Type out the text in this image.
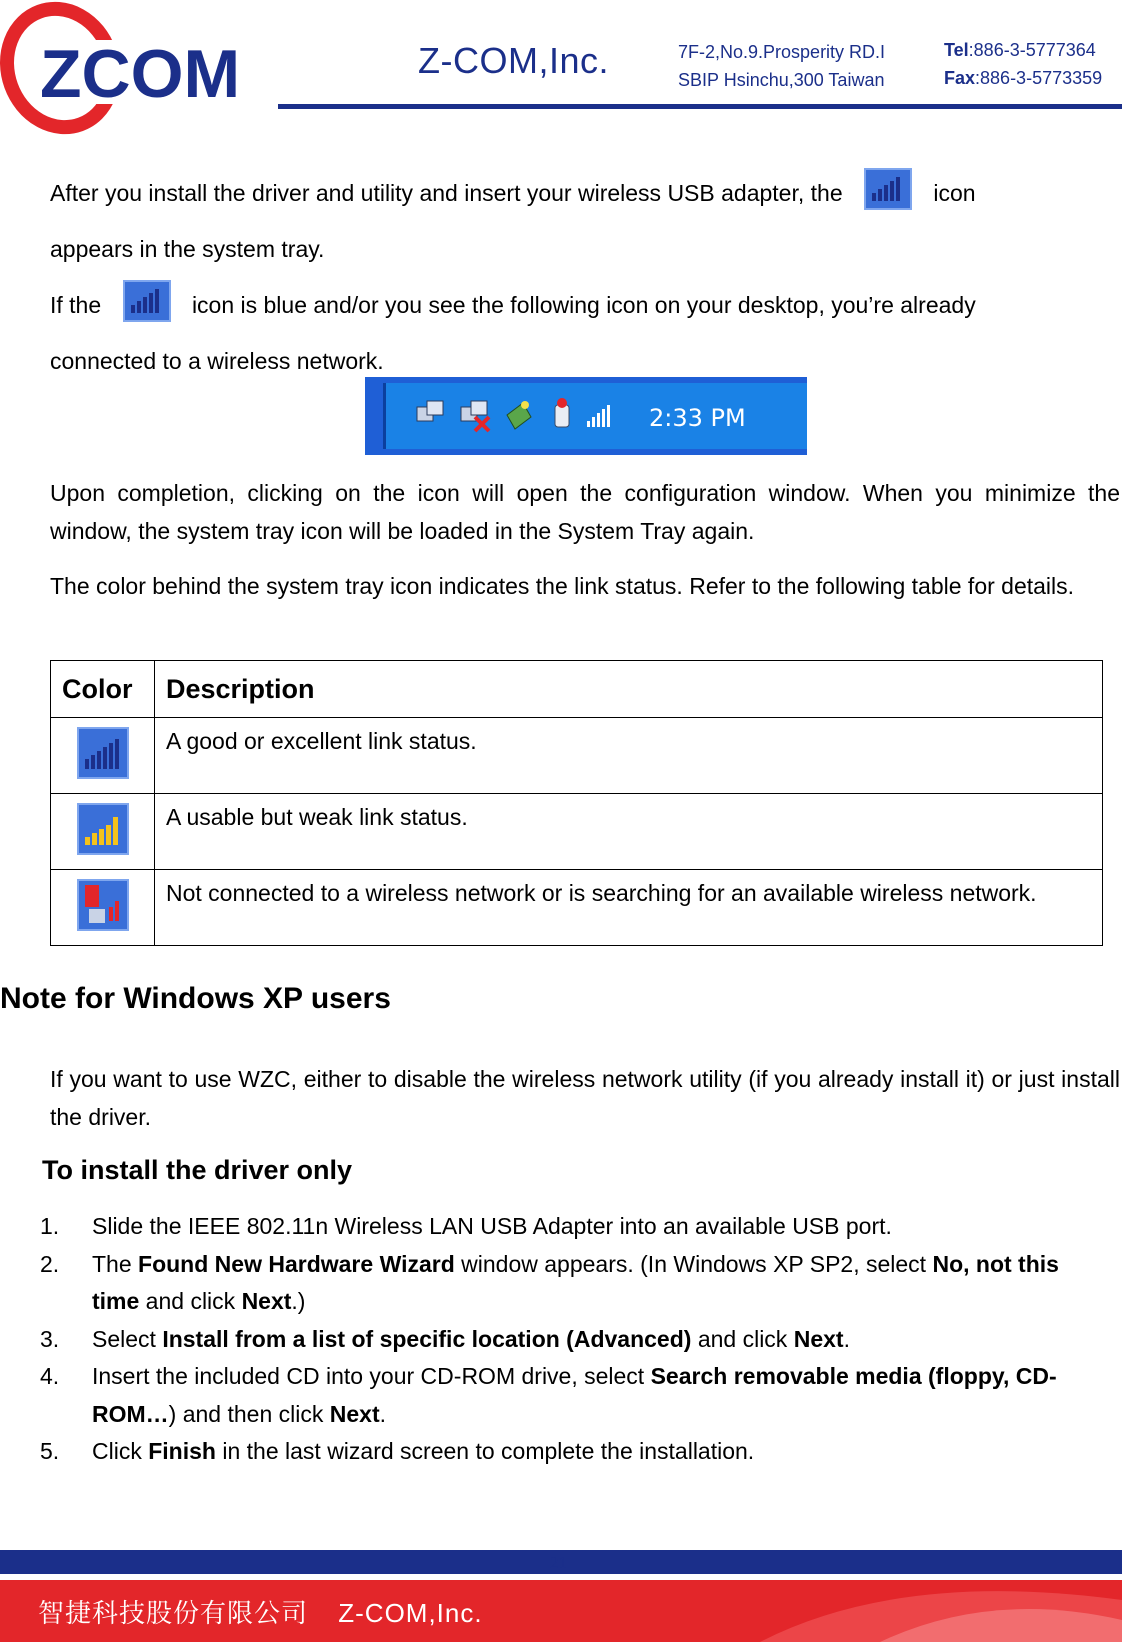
ZCOM	Z-COM,Inc.	7F-2,No.9.Prosperity RD.I
SBIP Hsinchu,300 Taiwan
Tel:886-3-5777364
Fax:886-3-5773359
After you install the driver and utility and insert your wireless USB adapter, the	icon
appears in the system tray.
If the	icon is blue and/or you see the following icon on your desktop, you’re already
connected to a wireless network.
2:33 PM
Upon completion, clicking on the icon will open the configuration window. When you minimize the window, the system tray icon will be loaded in the System Tray again.
The color behind the system tray icon indicates the link status. Refer to the following table for details.
Color	Description
	A good or excellent link status.
	A usable but weak link status.
	Not connected to a wireless network or is searching for an available wireless network.
Note for Windows XP users
If you want to use WZC, either to disable the wireless network utility (if you already install it) or just install the driver.
To install the driver only
1. Slide the IEEE 802.11n Wireless LAN USB Adapter into an available USB port.
2. The Found New Hardware Wizard window appears. (In Windows XP SP2, select No, not this time and click Next.)
3. Select Install from a list of specific location (Advanced) and click Next.
4. Insert the included CD into your CD-ROM drive, select Search removable media (floppy, CD-ROM…) and then click Next.
5. Click Finish in the last wizard screen to complete the installation.
21
智捷科技股份有限公司 Z-COM,Inc.
